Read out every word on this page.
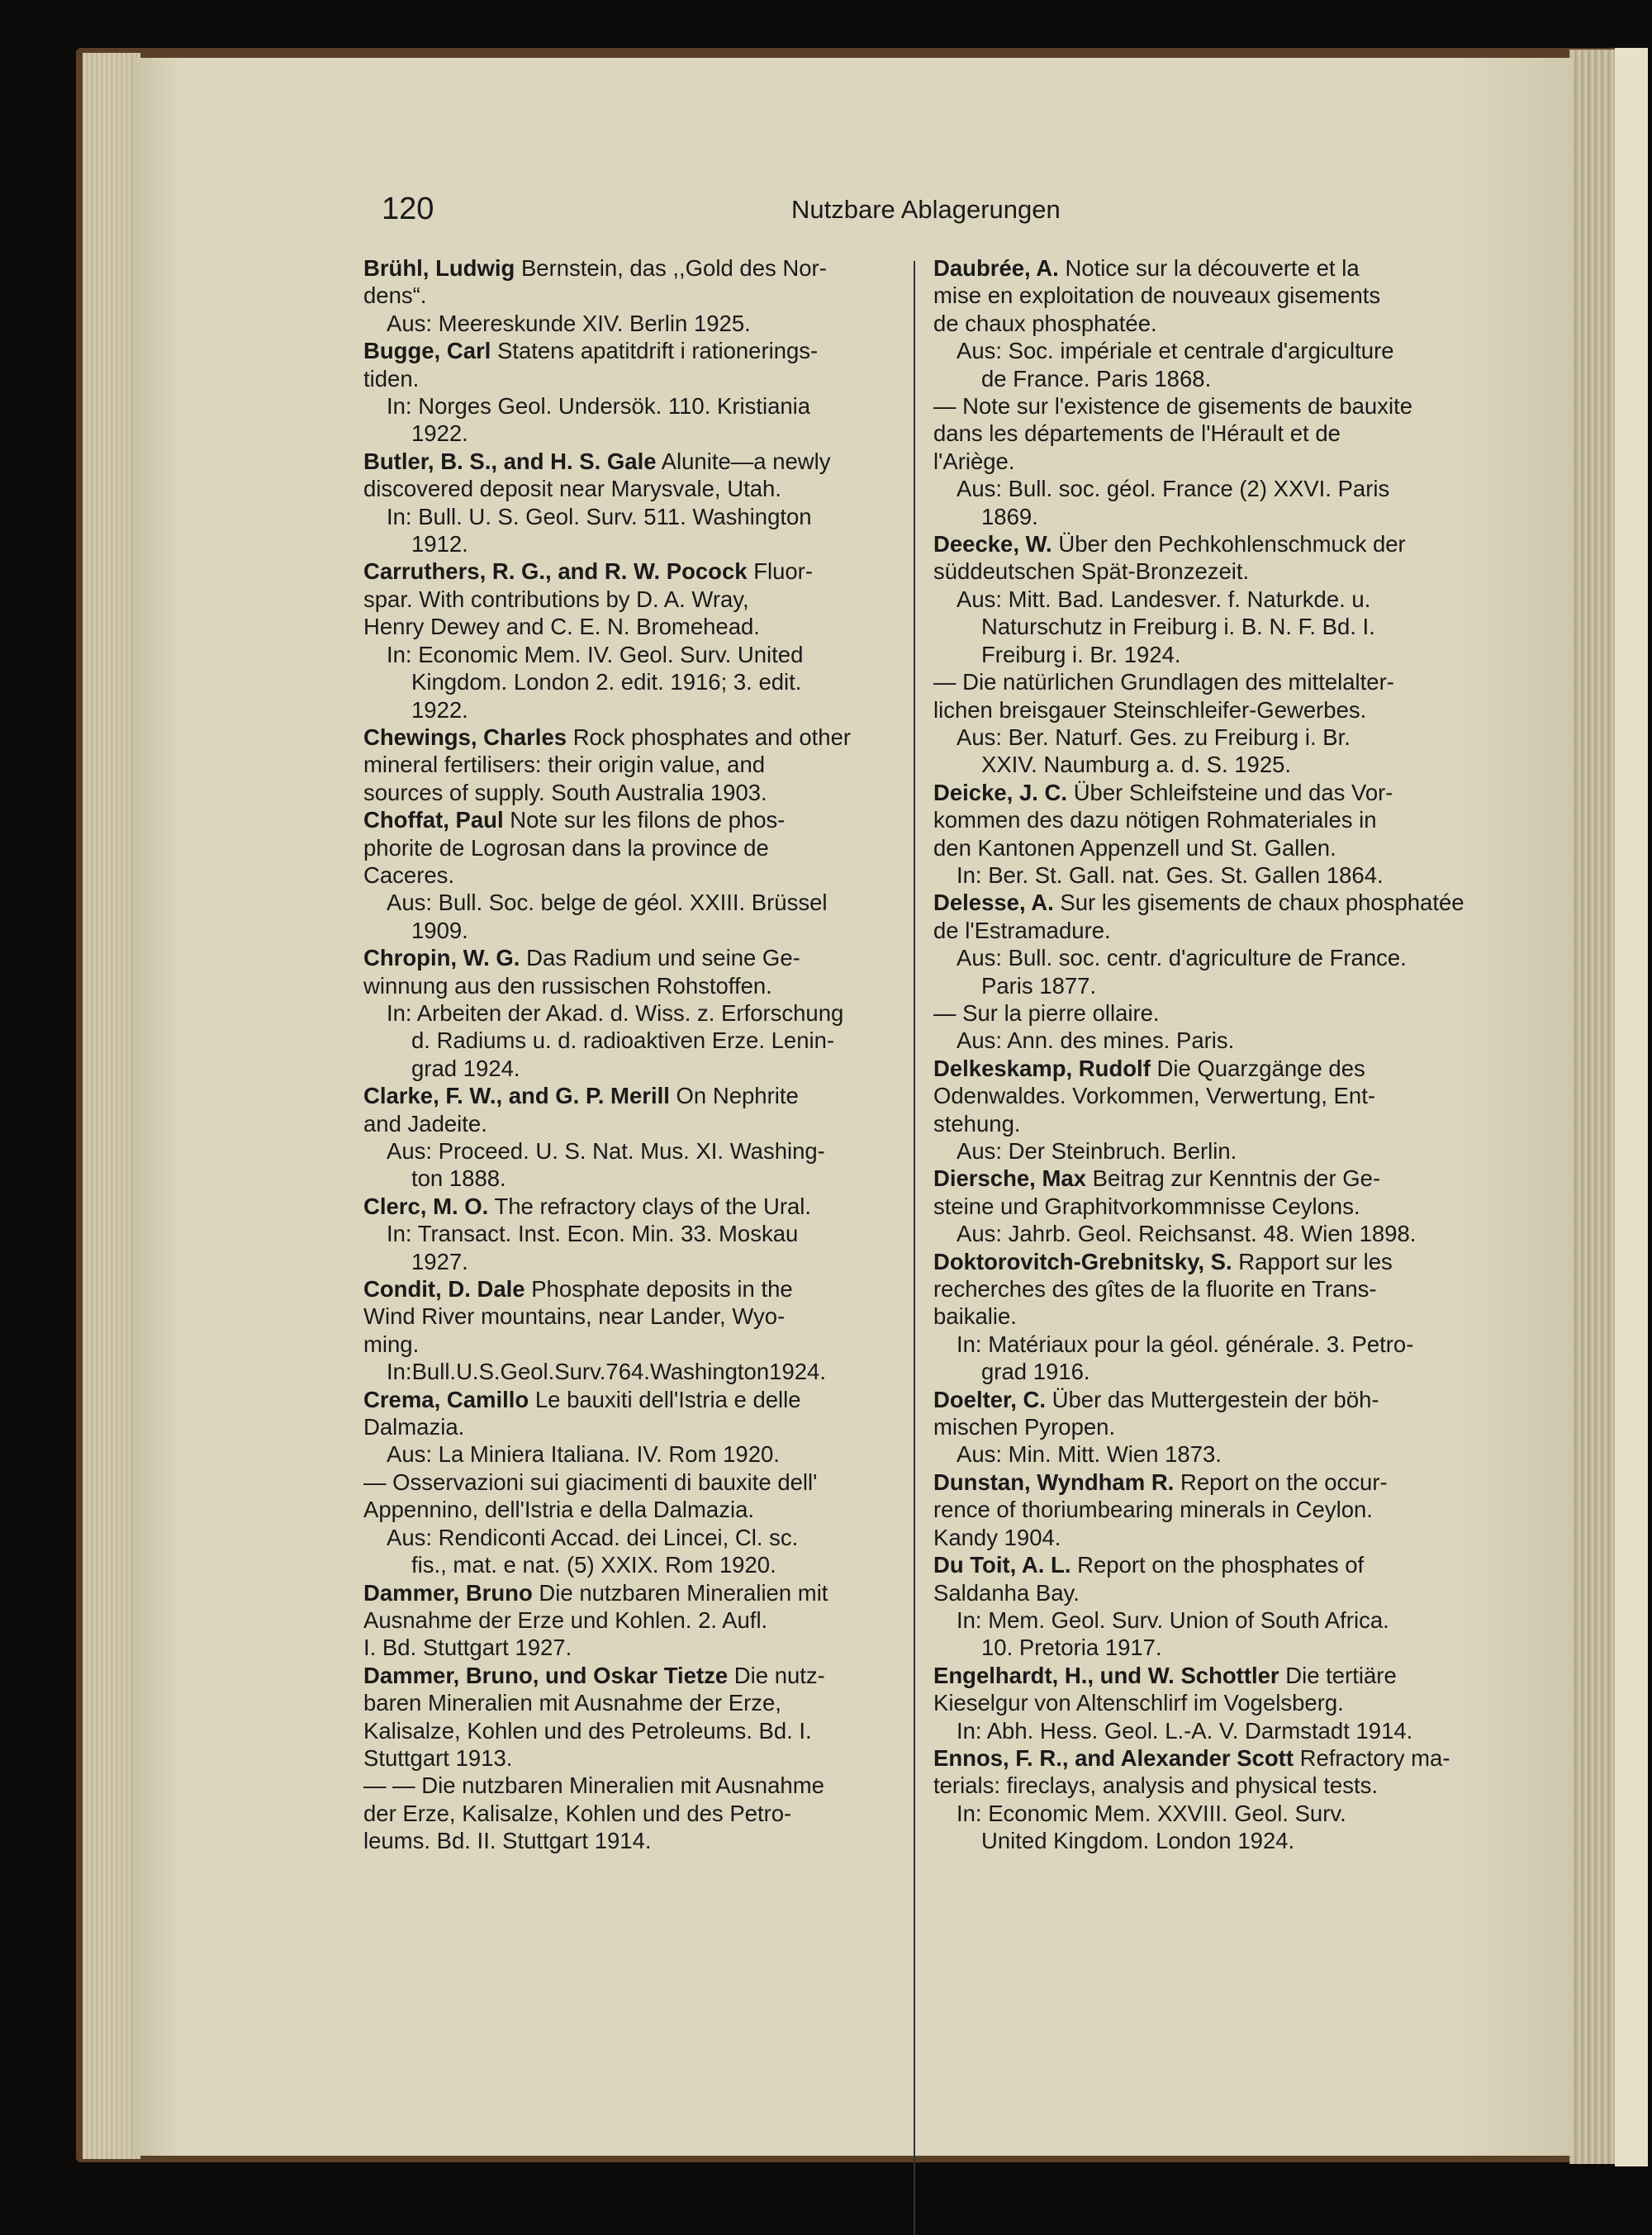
120	Nutzbare Ablagerungen
Brühl, Ludwig Bernstein, das ,,Gold des Nor-
dens“.
Aus: Meereskunde XIV. Berlin 1925.
Bugge, Carl Statens apatitdrift i rationerings-
tiden.
In: Norges Geol. Undersök. 110. Kristiania
1922.
Butler, B. S., and H. S. Gale Alunite—a newly
discovered deposit near Marysvale, Utah.
In: Bull. U. S. Geol. Surv. 511. Washington
1912.
Carruthers, R. G., and R. W. Pocock Fluor-
spar. With contributions by D. A. Wray,
Henry Dewey and C. E. N. Bromehead.
In: Economic Mem. IV. Geol. Surv. United
Kingdom. London 2. edit. 1916; 3. edit.
1922.
Chewings, Charles Rock phosphates and other
mineral fertilisers: their origin value, and
sources of supply. South Australia 1903.
Choffat, Paul Note sur les filons de phos-
phorite de Logrosan dans la province de
Caceres.
Aus: Bull. Soc. belge de géol. XXIII. Brüssel
1909.
Chropin, W. G. Das Radium und seine Ge-
winnung aus den russischen Rohstoffen.
In: Arbeiten der Akad. d. Wiss. z. Erforschung
d. Radiums u. d. radioaktiven Erze. Lenin-
grad 1924.
Clarke, F. W., and G. P. Merill On Nephrite
and Jadeite.
Aus: Proceed. U. S. Nat. Mus. XI. Washing-
ton 1888.
Clerc, M. O. The refractory clays of the Ural.
In: Transact. Inst. Econ. Min. 33. Moskau
1927.
Condit, D. Dale Phosphate deposits in the
Wind River mountains, near Lander, Wyo-
ming.
In:Bull.U.S.Geol.Surv.764.Washington1924.
Crema, Camillo Le bauxiti dell'Istria e delle
Dalmazia.
Aus: La Miniera Italiana. IV. Rom 1920.
— Osservazioni sui giacimenti di bauxite dell'
Appennino, dell'Istria e della Dalmazia.
Aus: Rendiconti Accad. dei Lincei, Cl. sc.
fis., mat. e nat. (5) XXIX. Rom 1920.
Dammer, Bruno Die nutzbaren Mineralien mit
Ausnahme der Erze und Kohlen. 2. Aufl.
I. Bd. Stuttgart 1927.
Dammer, Bruno, und Oskar Tietze Die nutz-
baren Mineralien mit Ausnahme der Erze,
Kalisalze, Kohlen und des Petroleums. Bd. I.
Stuttgart 1913.
— — Die nutzbaren Mineralien mit Ausnahme
der Erze, Kalisalze, Kohlen und des Petro-
leums. Bd. II. Stuttgart 1914.
Daubrée, A. Notice sur la découverte et la
mise en exploitation de nouveaux gisements
de chaux phosphatée.
Aus: Soc. impériale et centrale d'argiculture
de France. Paris 1868.
— Note sur l'existence de gisements de bauxite
dans les départements de l'Hérault et de
l'Ariège.
Aus: Bull. soc. géol. France (2) XXVI. Paris
1869.
Deecke, W. Über den Pechkohlenschmuck der
süddeutschen Spät-Bronzezeit.
Aus: Mitt. Bad. Landesver. f. Naturkde. u.
Naturschutz in Freiburg i. B. N. F. Bd. I.
Freiburg i. Br. 1924.
— Die natürlichen Grundlagen des mittelalter-
lichen breisgauer Steinschleifer-Gewerbes.
Aus: Ber. Naturf. Ges. zu Freiburg i. Br.
XXIV. Naumburg a. d. S. 1925.
Deicke, J. C. Über Schleifsteine und das Vor-
kommen des dazu nötigen Rohmateriales in
den Kantonen Appenzell und St. Gallen.
In: Ber. St. Gall. nat. Ges. St. Gallen 1864.
Delesse, A. Sur les gisements de chaux phosphatée
de l'Estramadure.
Aus: Bull. soc. centr. d'agriculture de France.
Paris 1877.
— Sur la pierre ollaire.
Aus: Ann. des mines. Paris.
Delkeskamp, Rudolf Die Quarzgänge des
Odenwaldes. Vorkommen, Verwertung, Ent-
stehung.
Aus: Der Steinbruch. Berlin.
Diersche, Max Beitrag zur Kenntnis der Ge-
steine und Graphitvorkommnisse Ceylons.
Aus: Jahrb. Geol. Reichsanst. 48. Wien 1898.
Doktorovitch-Grebnitsky, S. Rapport sur les
recherches des gîtes de la fluorite en Trans-
baikalie.
In: Matériaux pour la géol. générale. 3. Petro-
grad 1916.
Doelter, C. Über das Muttergestein der böh-
mischen Pyropen.
Aus: Min. Mitt. Wien 1873.
Dunstan, Wyndham R. Report on the occur-
rence of thoriumbearing minerals in Ceylon.
Kandy 1904.
Du Toit, A. L. Report on the phosphates of
Saldanha Bay.
In: Mem. Geol. Surv. Union of South Africa.
10. Pretoria 1917.
Engelhardt, H., und W. Schottler Die tertiäre
Kieselgur von Altenschlirf im Vogelsberg.
In: Abh. Hess. Geol. L.-A. V. Darmstadt 1914.
Ennos, F. R., and Alexander Scott Refractory ma-
terials: fireclays, analysis and physical tests.
In: Economic Mem. XXVIII. Geol. Surv.
United Kingdom. London 1924.
